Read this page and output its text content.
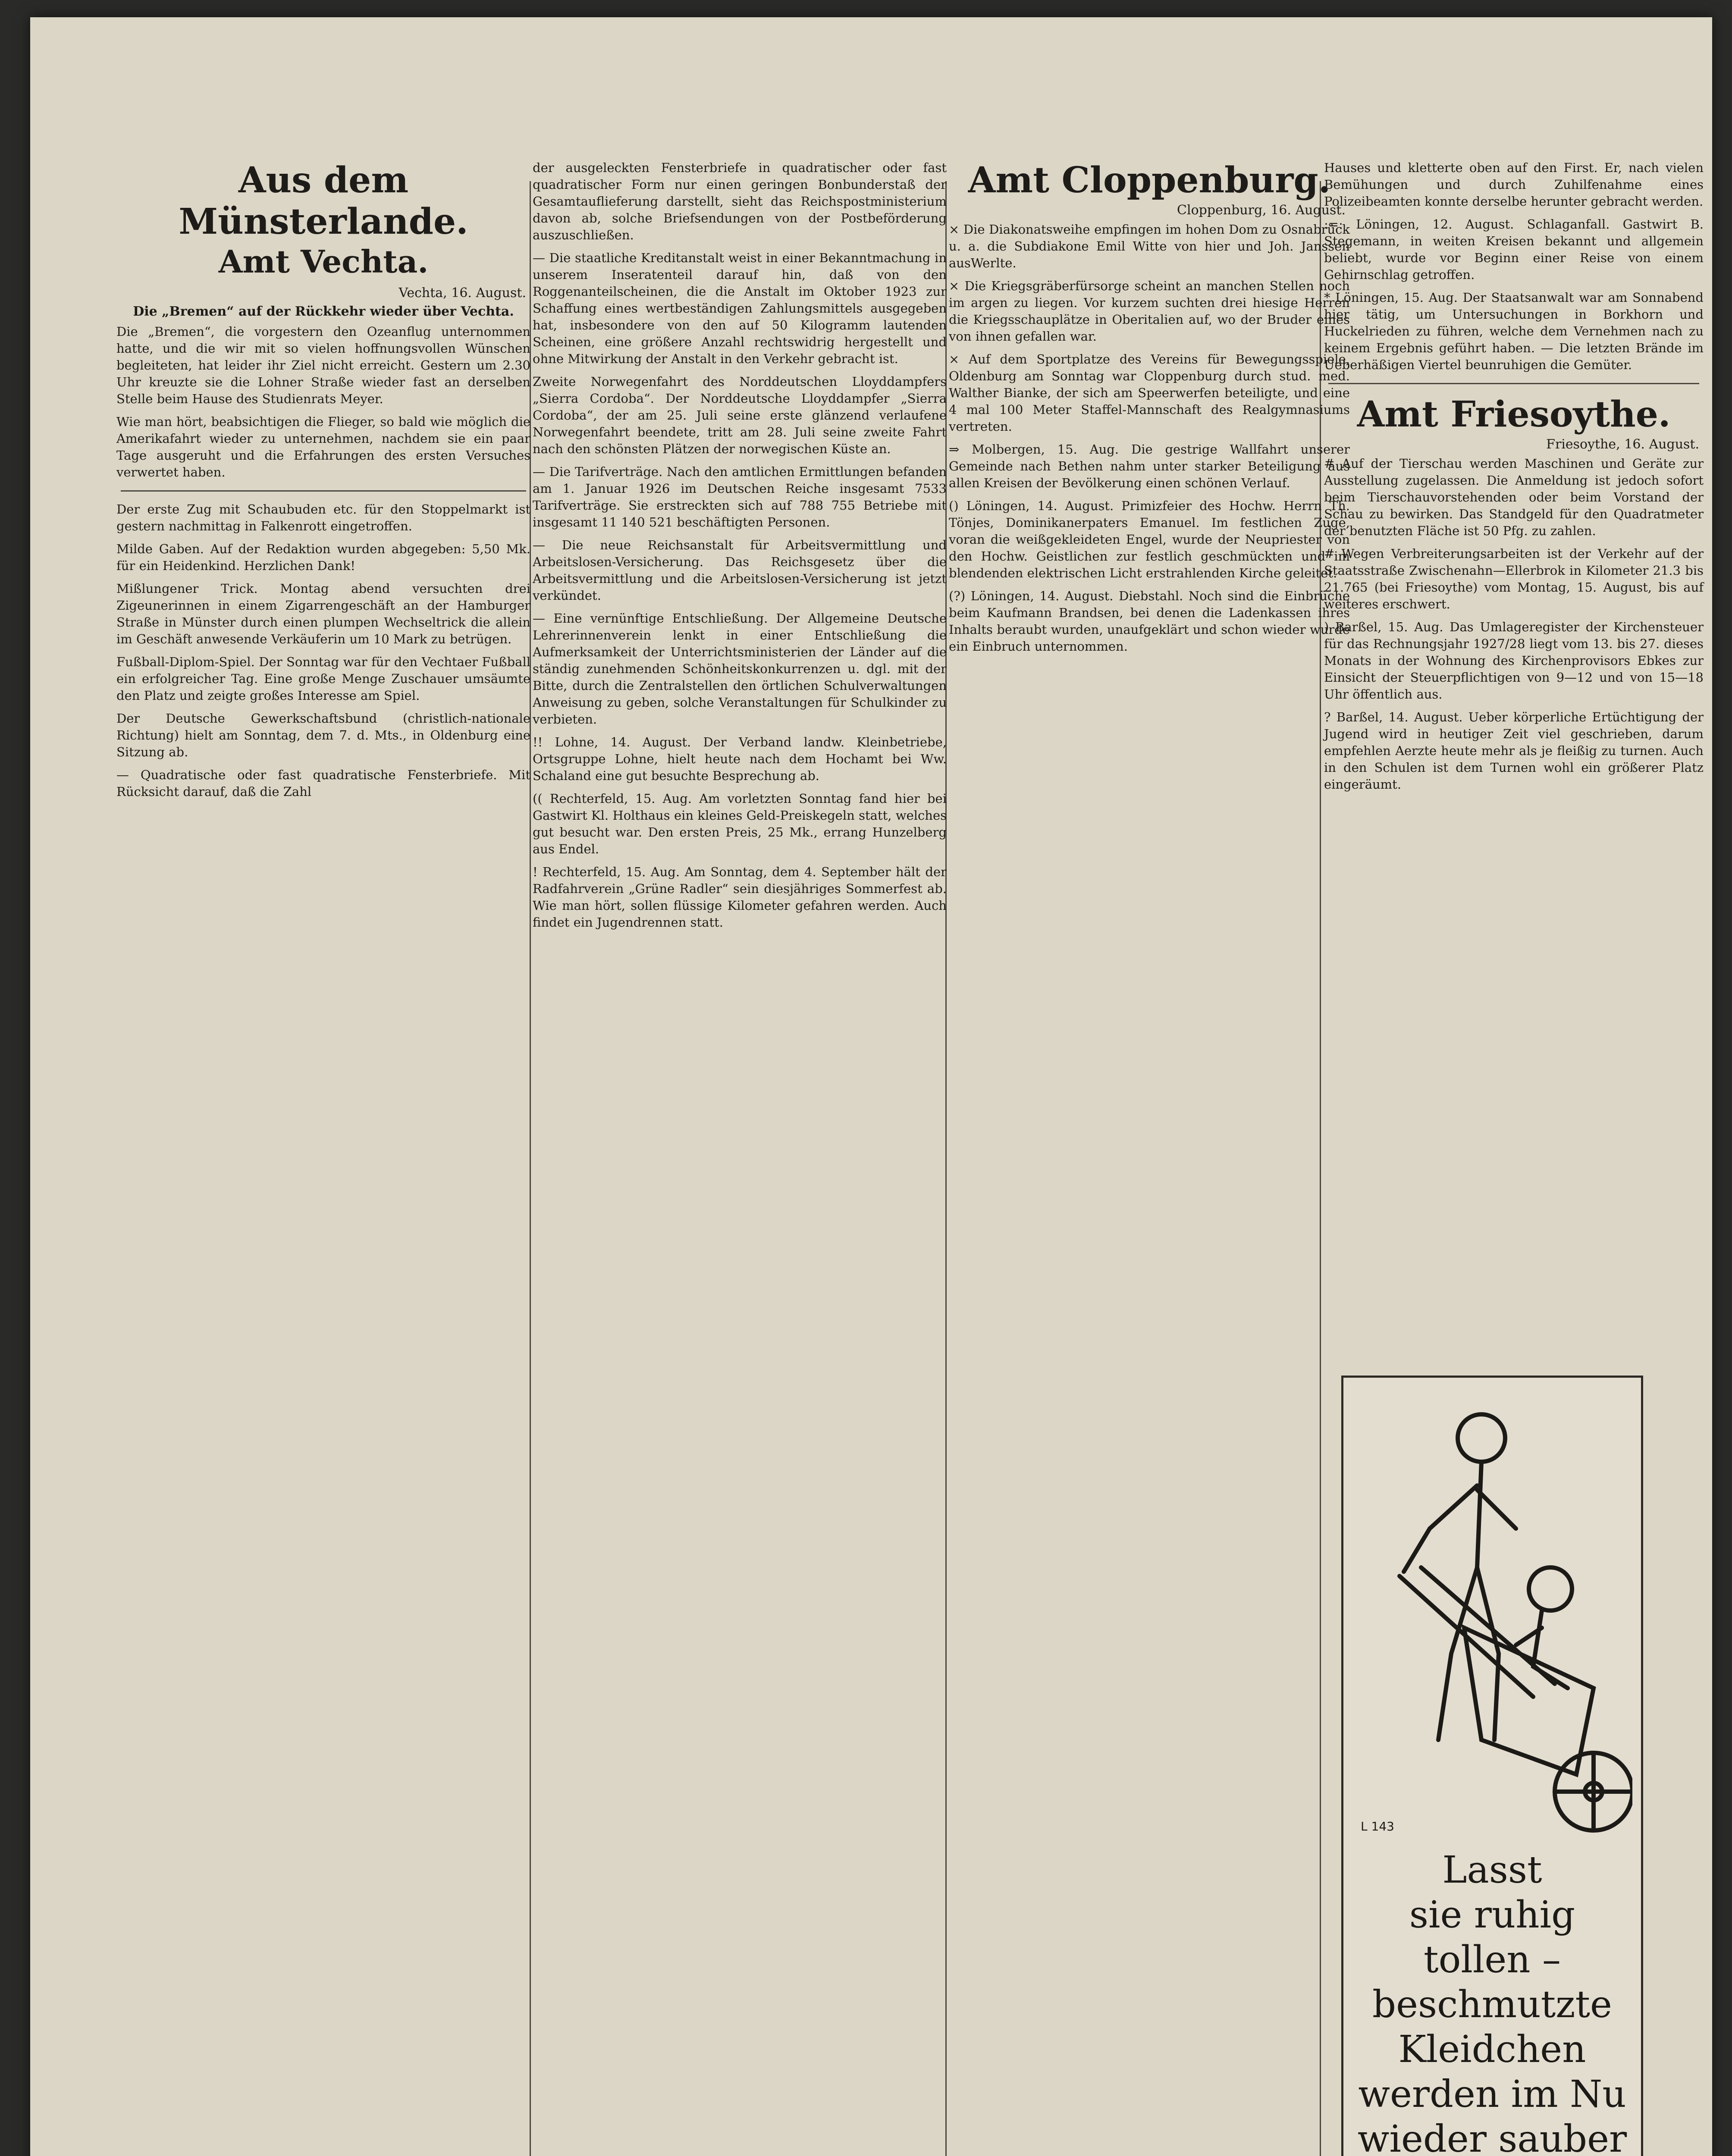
Aus dem Münsterlande.

Amt Vechta.

Vechta, 16. August.

Die „Bremen“ auf der Rückkehr wieder über Vechta.

Die „Bremen“, die vorgestern den Ozeanflug unternommen hatte, und die wir mit so vielen hoffnungsvollen Wünschen begleiteten, hat leider ihr Ziel nicht erreicht. Gestern um 2.30 Uhr kreuzte sie die Lohner Straße wieder fast an derselben Stelle beim Hause des Studienrats Meyer.

Wie man hört, beabsichtigen die Flieger, so bald wie möglich die Amerikafahrt wieder zu unternehmen, nachdem sie ein paar Tage ausgeruht und die Erfahrungen des ersten Versuches verwertet haben.

Der erste Zug mit Schaubuden etc. für den Stoppelmarkt ist gestern nachmittag in Falkenrott eingetroffen.

Milde Gaben. Auf der Redaktion wurden abgegeben: 5,50 Mk. für ein Heidenkind. Herzlichen Dank!

Mißlungener Trick. Montag abend versuchten drei Zigeunerinnen in einem Zigarrengeschäft an der Hamburger Straße in Münster durch einen plumpen Wechseltrick die allein im Geschäft anwesende Verkäuferin um 10 Mark zu betrügen.

Fußball-Diplom-Spiel. Der Sonntag war für den Vechtaer Fußball ein erfolgreicher Tag. Eine große Menge Zuschauer umsäumte den Platz und zeigte großes Interesse am Spiel.

Der Deutsche Gewerkschaftsbund (christlich-nationale Richtung) hielt am Sonntag, dem 7. d. Mts., in Oldenburg eine Sitzung ab.

— Quadratische oder fast quadratische Fensterbriefe. Mit Rücksicht darauf, daß die Zahl

der ausgeleckten Fensterbriefe in quadratischer oder fast quadratischer Form nur einen geringen Bonbunderstaß der Gesamtauflieferung darstellt, sieht das Reichspostministerium davon ab, solche Briefsendungen von der Postbeförderung auszuschließen.

— Die staatliche Kreditanstalt weist in einer Bekanntmachung in unserem Inseratenteil darauf hin, daß von den Roggenanteilscheinen, die die Anstalt im Oktober 1923 zur Schaffung eines wertbeständigen Zahlungsmittels ausgegeben hat, insbesondere von den auf 50 Kilogramm lautenden Scheinen, eine größere Anzahl rechtswidrig hergestellt und ohne Mitwirkung der Anstalt in den Verkehr gebracht ist.

Zweite Norwegenfahrt des Norddeutschen Lloyddampfers „Sierra Cordoba“. Der Norddeutsche Lloyddampfer „Sierra Cordoba“, der am 25. Juli seine erste glänzend verlaufene Norwegenfahrt beendete, tritt am 28. Juli seine zweite Fahrt nach den schönsten Plätzen der norwegischen Küste an.

— Die Tarifverträge. Nach den amtlichen Ermittlungen befanden am 1. Januar 1926 im Deutschen Reiche insgesamt 7533 Tarifverträge. Sie erstreckten sich auf 788 755 Betriebe mit insgesamt 11 140 521 beschäftigten Personen.

— Die neue Reichsanstalt für Arbeitsvermittlung und Arbeitslosen-Versicherung. Das Reichsgesetz über die Arbeitsvermittlung und die Arbeitslosen-Versicherung ist jetzt verkündet.

— Eine vernünftige Entschließung. Der Allgemeine Deutsche Lehrerinnenverein lenkt in einer Entschließung die Aufmerksamkeit der Unterrichtsministerien der Länder auf die ständig zunehmenden Schönheitskonkurrenzen u. dgl. mit der Bitte, durch die Zentralstellen den örtlichen Schulverwaltungen Anweisung zu geben, solche Veranstaltungen für Schulkinder zu verbieten.

!! Lohne, 14. August. Der Verband landw. Kleinbetriebe, Ortsgruppe Lohne, hielt heute nach dem Hochamt bei Ww. Schaland eine gut besuchte Besprechung ab.

(( Rechterfeld, 15. Aug. Am vorletzten Sonntag fand hier bei Gastwirt Kl. Holthaus ein kleines Geld-Preiskegeln statt, welches gut besucht war. Den ersten Preis, 25 Mk., errang Hunzelberg aus Endel.

! Rechterfeld, 15. Aug. Am Sonntag, dem 4. September hält der Radfahrverein „Grüne Radler“ sein diesjähriges Sommerfest ab. Wie man hört, sollen flüssige Kilometer gefahren werden. Auch findet ein Jugendrennen statt.

Amt Cloppenburg.

Cloppenburg, 16. August.

× Die Diakonatsweihe empfingen im hohen Dom zu Osnabrück u. a. die Subdiakone Emil Witte von hier und Joh. Janssen ausWerlte.

× Die Kriegsgräberfürsorge scheint an manchen Stellen noch im argen zu liegen. Vor kurzem suchten drei hiesige Herren die Kriegsschauplätze in Oberitalien auf, wo der Bruder eines von ihnen gefallen war.

× Auf dem Sportplatze des Vereins für Bewegungsspiele, Oldenburg am Sonntag war Cloppenburg durch stud. med. Walther Bianke, der sich am Speerwerfen beteiligte, und eine 4 mal 100 Meter Staffel-Mannschaft des Realgymnasiums vertreten.

⇒ Molbergen, 15. Aug. Die gestrige Wallfahrt unserer Gemeinde nach Bethen nahm unter starker Beteiligung aus allen Kreisen der Bevölkerung einen schönen Verlauf.

() Löningen, 14. August. Primizfeier des Hochw. Herrn Th. Tönjes, Dominikanerpaters Emanuel. Im festlichen Zuge, voran die weißgekleideten Engel, wurde der Neupriester von den Hochw. Geistlichen zur festlich geschmückten und im blendenden elektrischen Licht erstrahlenden Kirche geleitet.

(?) Löningen, 14. August. Diebstahl. Noch sind die Einbrüche beim Kaufmann Brandsen, bei denen die Ladenkassen ihres Inhalts beraubt wurden, unaufgeklärt und schon wieder wurde ein Einbruch unternommen.

Hauses und kletterte oben auf den First. Er, nach vielen Bemühungen und durch Zuhilfenahme eines Polizeibeamten konnte derselbe herunter gebracht werden.

:=: Löningen, 12. August. Schlaganfall. Gastwirt B. Stegemann, in weiten Kreisen bekannt und allgemein beliebt, wurde vor Beginn einer Reise von einem Gehirnschlag getroffen.

* Löningen, 15. Aug. Der Staatsanwalt war am Sonnabend hier tätig, um Untersuchungen in Borkhorn und Huckelrieden zu führen, welche dem Vernehmen nach zu keinem Ergebnis geführt haben. — Die letzten Brände im Ueberhäßigen Viertel beunruhigen die Gemüter.

Amt Friesoythe.

Friesoythe, 16. August.

# Auf der Tierschau werden Maschinen und Geräte zur Ausstellung zugelassen. Die Anmeldung ist jedoch sofort beim Tierschauvorstehenden oder beim Vorstand der Schau zu bewirken. Das Standgeld für den Quadratmeter der benutzten Fläche ist 50 Pfg. zu zahlen.

# Wegen Verbreiterungsarbeiten ist der Verkehr auf der Staatsstraße Zwischenahn—Ellerbrok in Kilometer 21.3 bis 21.765 (bei Friesoythe) vom Montag, 15. August, bis auf weiteres erschwert.

) Barßel, 15. Aug. Das Umlageregister der Kirchensteuer für das Rechnungsjahr 1927/28 liegt vom 13. bis 27. dieses Monats in der Wohnung des Kirchenprovisors Ebkes zur Einsicht der Steuerpflichtigen von 9—12 und von 15—18 Uhr öffentlich aus.

? Barßel, 14. August. Ueber körperliche Ertüchtigung der Jugend wird in heutiger Zeit viel geschrieben, darum empfehlen Aerzte heute mehr als je fleißig zu turnen. Auch in den Schulen ist dem Turnen wohl ein größerer Platz eingeräumt.

L 143

Lasst

sie ruhig

tollen –

beschmutzte

Kleidchen

werden im Nu

wieder sauber
